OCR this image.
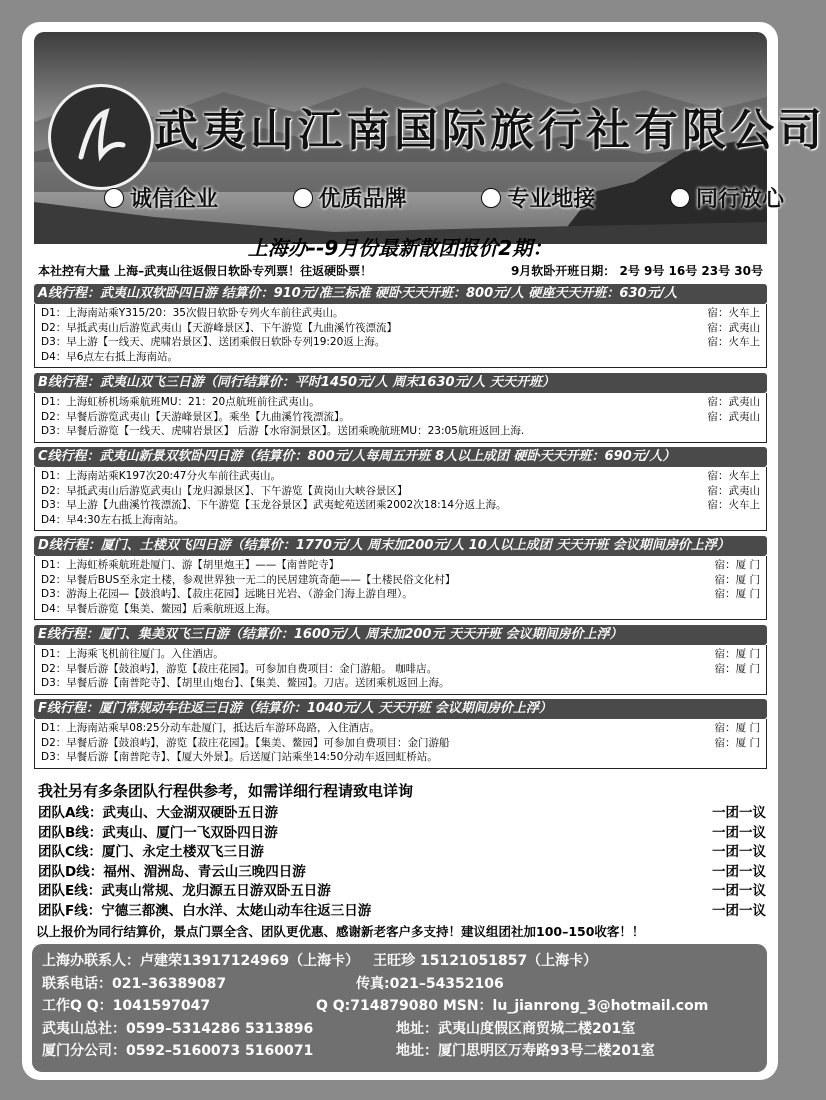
武夷山江南国际旅行社有限公司
诚信企业	优质品牌	专业地接	同行放心
上海办--9月份最新散团报价2期：
本社控有大量 上海–武夷山往返假日软卧专列票！往返硬卧票！	9月软卧开班日期： 2号 9号 16号 23号 30号
A线行程：武夷山双软卧四日游 结算价：910元/准三标准 硬卧天天开班：800元/人 硬座天天开班：630元/人
D1：上海南站乘Y315/20：35次假日软卧专列火车前往武夷山。	宿：火车上
D2：早抵武夷山后游览武夷山【天游峰景区】、下午游览【九曲溪竹筏漂流】	宿：武夷山
D3：早上游【一线天、虎啸岩景区】、送团乘假日软卧专列19:20返上海。	宿：火车上
D4：早6点左右抵上海南站。
B线行程：武夷山双飞三日游（同行结算价：平时1450元/人 周末1630元/人 天天开班）
D1：上海虹桥机场乘航班MU：21：20点航班前往武夷山。	宿：武夷山
D2：早餐后游览武夷山【天游峰景区】。乘坐【九曲溪竹筏漂流】。	宿：武夷山
D3：早餐后游览【一线天、虎啸岩景区】 后游【水帘洞景区】。送团乘晚航班MU：23:05航班返回上海.
C线行程：武夷山新景双软卧四日游（结算价：800元/人每周五开班 8人以上成团 硬卧天天开班：690元/人）
D1：上海南站乘K197次20:47分火车前往武夷山。	宿：火车上
D2：早抵武夷山后游览武夷山【龙归源景区】、下午游览【黄岗山大峡谷景区】	宿：武夷山
D3：早上游【九曲溪竹筏漂流】、下午游览【玉龙谷景区】武夷蛇苑送团乘2002次18:14分返上海。	宿：火车上
D4：早4:30左右抵上海南站。
D线行程：厦门、土楼双飞四日游（结算价：1770元/人 周末加200元/人 10人以上成团 天天开班 会议期间房价上浮）
D1：上海虹桥乘航班赴厦门、游【胡里炮王】——【南普陀寺】	宿：厦 门
D2：早餐后BUS至永定土楼，参观世界独一无二的民居建筑奇葩——【土楼民俗文化村】	宿：厦 门
D3：游海上花园—【鼓浪屿】、【菽庄花园】远眺日光岩、（游金门海上游自理）。	宿：厦 门
D4：早餐后游览【集美、鳌园】后乘航班返上海。
E线行程：厦门、集美双飞三日游（结算价：1600元/人 周末加200元 天天开班 会议期间房价上浮）
D1：上海乘飞机前往厦门。入住酒店。	宿：厦 门
D2：早餐后游【鼓浪屿】，游览【菽庄花园】。可参加自费项目：金门游船。 咖啡店。	宿：厦 门
D3：早餐后游【南普陀寺】、【胡里山炮台】、【集美、鳌园】。刀店。送团乘机返回上海。
F线行程：厦门常规动车往返三日游（结算价：1040元/人 天天开班 会议期间房价上浮）
D1：上海南站乘早08:25分动车赴厦门，抵达后车游环岛路，入住酒店。	宿：厦 门
D2：早餐后游【鼓浪屿】，游览【菽庄花园】。【集美、鳌园】可参加自费项目：金门游船	宿：厦 门
D3：早餐后游【南普陀寺】、【厦大外景】。后送厦门站乘坐14:50分动车返回虹桥站。
我社另有多条团队行程供参考，如需详细行程请致电详询
团队A线：武夷山、大金湖双硬卧五日游	一团一议
团队B线：武夷山、厦门一飞双卧四日游	一团一议
团队C线：厦门、永定土楼双飞三日游	一团一议
团队D线：福州、湄洲岛、青云山三晚四日游	一团一议
团队E线：武夷山常规、龙归源五日游双卧五日游	一团一议
团队F线：宁德三都澳、白水洋、太姥山动车往返三日游	一团一议
以上报价为同行结算价，景点门票全含、团队更优惠、感谢新老客户多支持！建议组团社加100–150收客！！
上海办联系人：卢建荣13917124969（上海卡） 王旺珍 15121051857（上海卡）
联系电话：021–36389087	传真:021–54352106
工作Q Q：1041597047	Q Q:714879080 MSN：lu_jianrong_3@hotmail.com
武夷山总社：0599–5314286 5313896	地址：武夷山度假区商贸城二楼201室
厦门分公司：0592–5160073 5160071	地址：厦门思明区万寿路93号二楼201室
